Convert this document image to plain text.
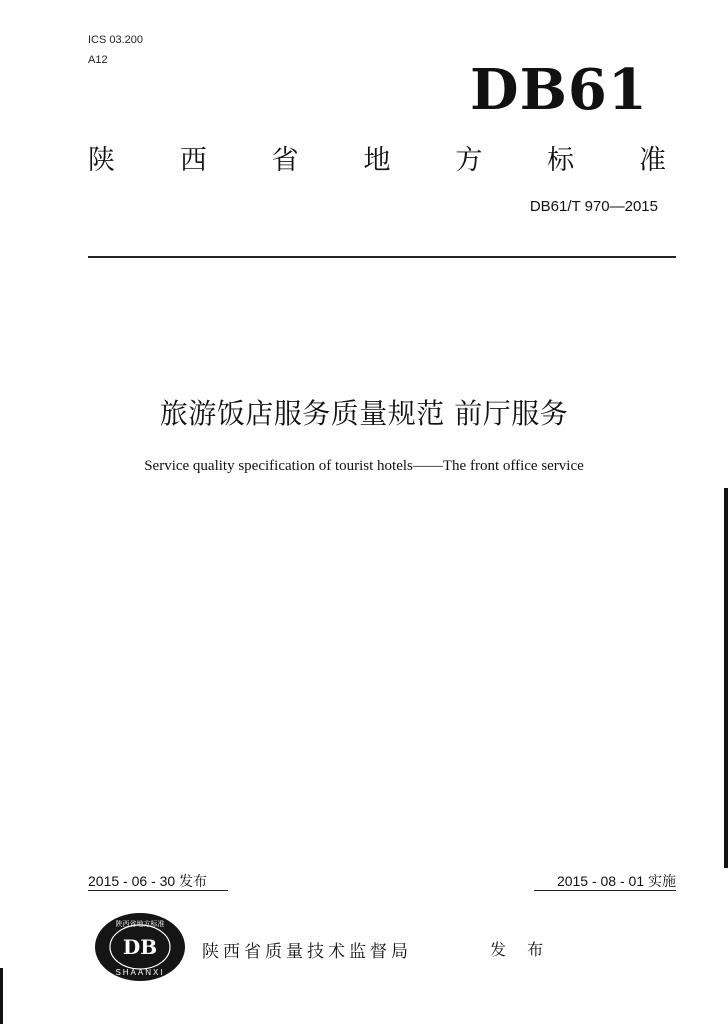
ICS 03.200
A12	DB61
陕 西 省 地 方 标 准
DB61/T 970—2015
旅游饭店服务质量规范 前厅服务
Service quality specification of tourist hotels——The front office service
2015 - 06 - 30 发布	2015 - 08 - 01 实施
DB
SHAANXI
陕西省地方标准
陕西省质量技术监督局	发 布
